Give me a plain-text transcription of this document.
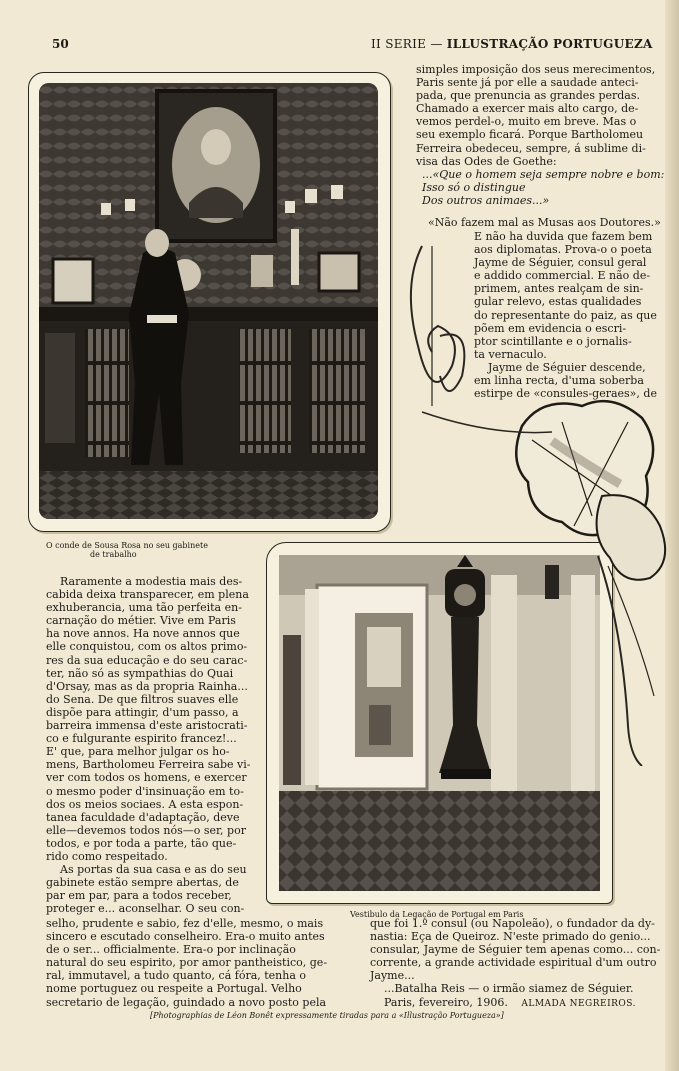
50	II SERIE — ILLUSTRAÇÃO PORTUGUEZA
O conde de Sousa Rosa no seu gabinete
de trabalho
Vestibulo da Legação de Portugal em Paris

simples imposição dos seus merecimentos,

Paris sente já por elle a saudade anteci-

pada, que prenuncia as grandes perdas.

Chamado a exercer mais alto cargo, de-

vemos perdel-o, muito em breve. Mas o

seu exemplo ficará. Porque Bartholomeu

Ferreira obedeceu, sempre, á sublime di-

visa das Odes de Goethe:

...«Que o homem seja sempre nobre e bom:

Isso só o distingue

Dos outros animaes...»

«Não fazem mal as Musas aos Doutores.»

E não ha duvida que fazem bem

aos diplomatas. Prova-o o poeta

Jayme de Séguier, consul geral

e addido commercial. E não de-

primem, antes realçam de sin-

gular relevo, estas qualidades

do representante do paiz, as que

põem em evidencia o escri-

ptor scintillante e o jornalis-

ta vernaculo.

Jayme de Séguier descende,

em linha recta, d'uma soberba

estirpe de «consules-geraes», de

Raramente a modestia mais des-

cabida deixa transparecer, em plena

exhuberancia, uma tão perfeita en-

carnação do métier. Vive em Paris

ha nove annos. Ha nove annos que

elle conquistou, com os altos primo-

res da sua educação e do seu carac-

ter, não só as sympathias do Quai

d'Orsay, mas as da propria Rainha...

do Sena. De que filtros suaves elle

dispõe para attingir, d'um passo, a

barreira immensa d'este aristocrati-

co e fulgurante espirito francez!...

E' que, para melhor julgar os ho-

mens, Bartholomeu Ferreira sabe vi-

ver com todos os homens, e exercer

o mesmo poder d'insinuação em to-

dos os meios sociaes. A esta espon-

tanea faculdade d'adaptação, deve

elle—devemos todos nós—o ser, por

todos, e por toda a parte, tão que-

rido como respeitado.

As portas da sua casa e as do seu

gabinete estão sempre abertas, de

par em par, para a todos receber,

proteger e... aconselhar. O seu con-

selho, prudente e sabio, fez d'elle, mesmo, o mais

sincero e escutado conselheiro. Era-o muito antes

de o ser... officialmente. Era-o por inclinação

natural do seu espirito, por amor pantheistico, ge-

ral, immutavel, a tudo quanto, cá fóra, tenha o

nome portuguez ou respeite a Portugal. Velho

secretario de legação, guindado a novo posto pela

que foi 1.º consul (ou Napoleão), o fundador da dy-

nastia: Eça de Queiroz. N'este primado do genio...

consular, Jayme de Séguier tem apenas como... con-

corrente, a grande actividade espiritual d'um outro

Jayme...

...Batalha Reis — o irmão siamez de Séguier.

Paris, fevereiro, 1906. ALMADA NEGREIROS.

[Photographias de Léon Bonêt expressamente tiradas para a «Illustração Portugueza»]
